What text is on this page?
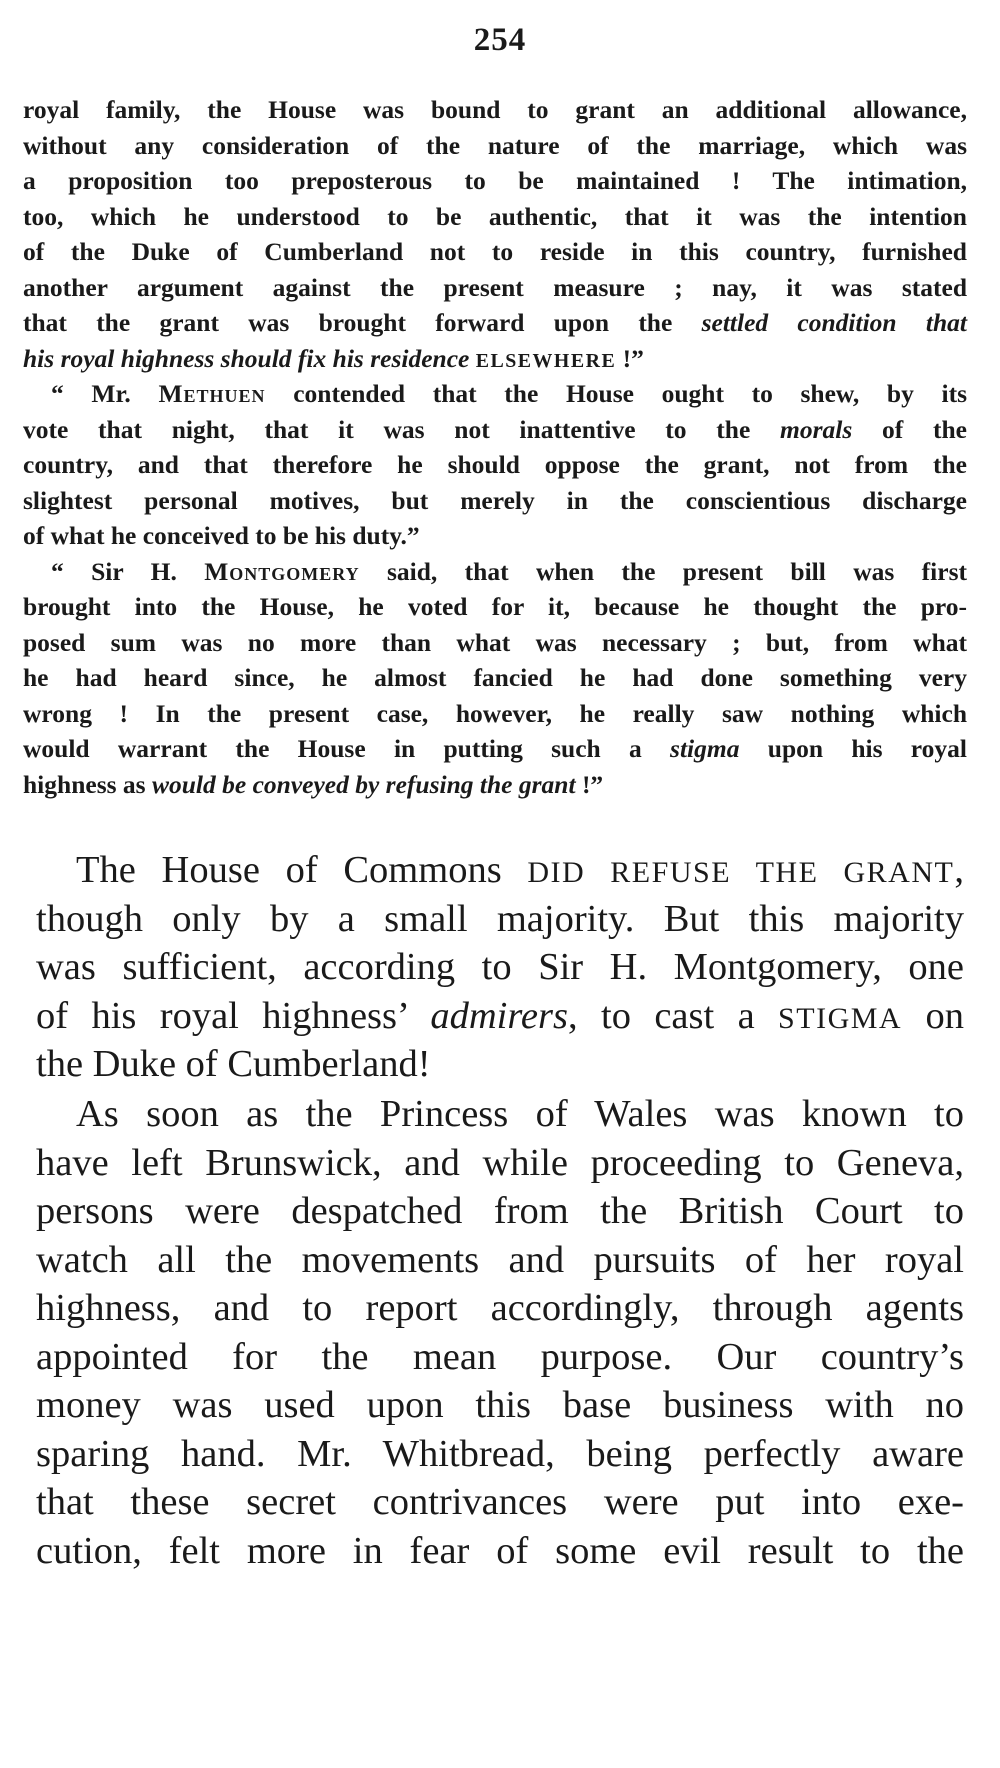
254
royal family, the House was bound to grant an additional allowance,
without any consideration of the nature of the marriage, which was
a proposition too preposterous to be maintained ! The intimation,
too, which he understood to be authentic, that it was the intention
of the Duke of Cumberland not to reside in this country, furnished
another argument against the present measure ; nay, it was stated
that the grant was brought forward upon the settled condition that
his royal highness should fix his residence ELSEWHERE !”
“ Mr. Methuen contended that the House ought to shew, by its
vote that night, that it was not inattentive to the morals of the
country, and that therefore he should oppose the grant, not from the
slightest personal motives, but merely in the conscientious discharge
of what he conceived to be his duty.”
“ Sir H. Montgomery said, that when the present bill was first
brought into the House, he voted for it, because he thought the pro-
posed sum was no more than what was necessary ; but, from what
he had heard since, he almost fancied he had done something very
wrong ! In the present case, however, he really saw nothing which
would warrant the House in putting such a stigma upon his royal
highness as would be conveyed by refusing the grant !”
The House of Commons DID REFUSE THE GRANT,
though only by a small majority. But this majority
was sufficient, according to Sir H. Montgomery, one
of his royal highness’ admirers, to cast a STIGMA on
the Duke of Cumberland!
As soon as the Princess of Wales was known to
have left Brunswick, and while proceeding to Geneva,
persons were despatched from the British Court to
watch all the movements and pursuits of her royal
highness, and to report accordingly, through agents
appointed for the mean purpose. Our country’s
money was used upon this base business with no
sparing hand. Mr. Whitbread, being perfectly aware
that these secret contrivances were put into exe-
cution, felt more in fear of some evil result to the
